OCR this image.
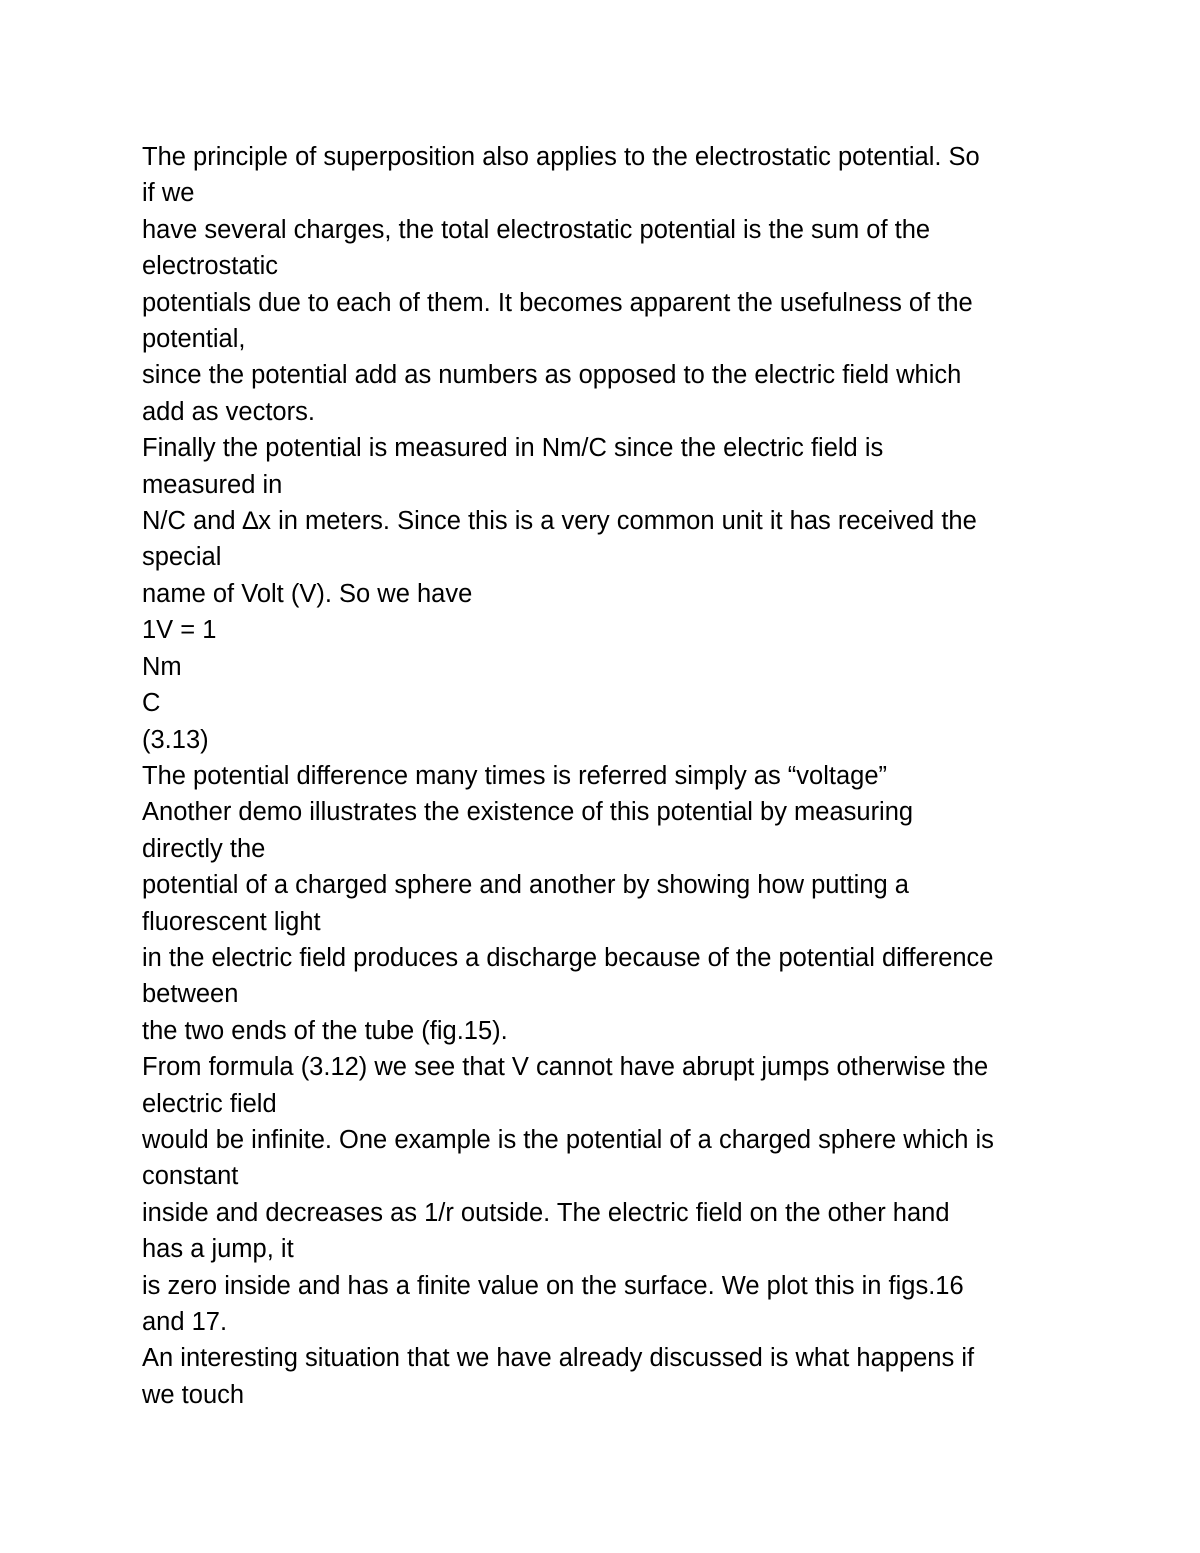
The principle of superposition also applies to the electrostatic potential. So
if we
have several charges, the total electrostatic potential is the sum of the
electrostatic
potentials due to each of them. It becomes apparent the usefulness of the
potential,
since the potential add as numbers as opposed to the electric field which
add as vectors.
Finally the potential is measured in Nm/C since the electric field is
measured in
N/C and ∆x in meters. Since this is a very common unit it has received the
special
name of Volt (V). So we have
1V = 1
Nm
C
(3.13)
The potential difference many times is referred simply as “voltage”
Another demo illustrates the existence of this potential by measuring
directly the
potential of a charged sphere and another by showing how putting a
fluorescent light
in the electric field produces a discharge because of the potential difference
between
the two ends of the tube (fig.15).
From formula (3.12) we see that V cannot have abrupt jumps otherwise the
electric field
would be infinite. One example is the potential of a charged sphere which is
constant
inside and decreases as 1/r outside. The electric field on the other hand
has a jump, it
is zero inside and has a finite value on the surface. We plot this in figs.16
and 17.
An interesting situation that we have already discussed is what happens if
we touch
